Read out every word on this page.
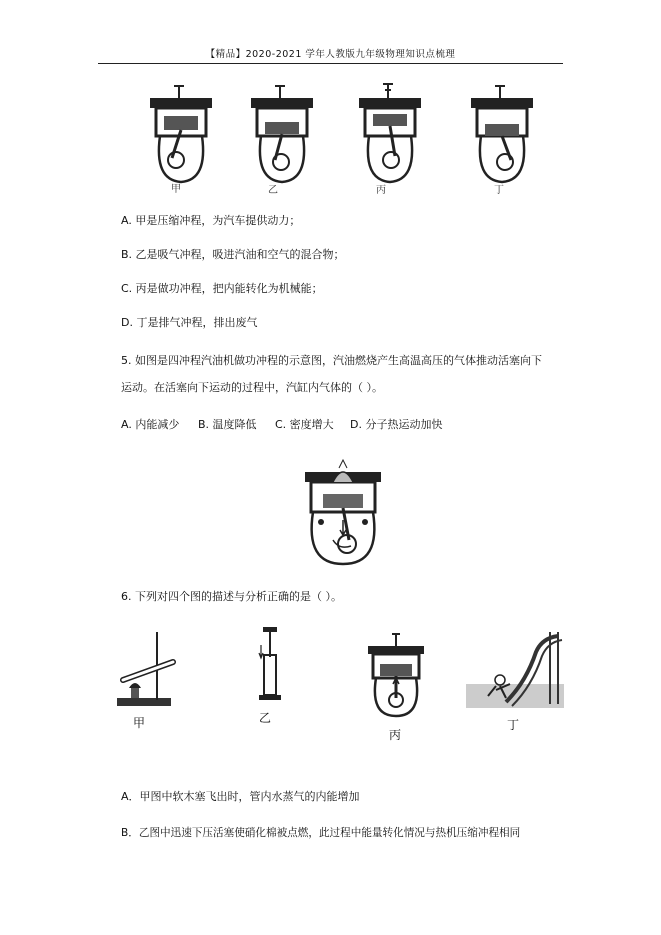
【精品】2020-2021 学年人教版九年级物理知识点梳理
甲	乙	丙	丁
A. 甲是压缩冲程，为汽车提供动力；
B. 乙是吸气冲程，吸进汽油和空气的混合物；
C. 丙是做功冲程，把内能转化为机械能；
D. 丁是排气冲程，排出废气
5. 如图是四冲程汽油机做功冲程的示意图，汽油燃烧产生高温高压的气体推动活塞向下
运动。在活塞向下运动的过程中，汽缸内气体的（ ）。
A. 内能减少 B. 温度降低 C. 密度增大 D. 分子热运动加快
6. 下列对四个图的描述与分析正确的是（ ）。
甲	乙
丙
丁
A．甲图中软木塞飞出时，管内水蒸气的内能增加
B．乙图中迅速下压活塞使硝化棉被点燃，此过程中能量转化情况与热机压缩冲程相同
